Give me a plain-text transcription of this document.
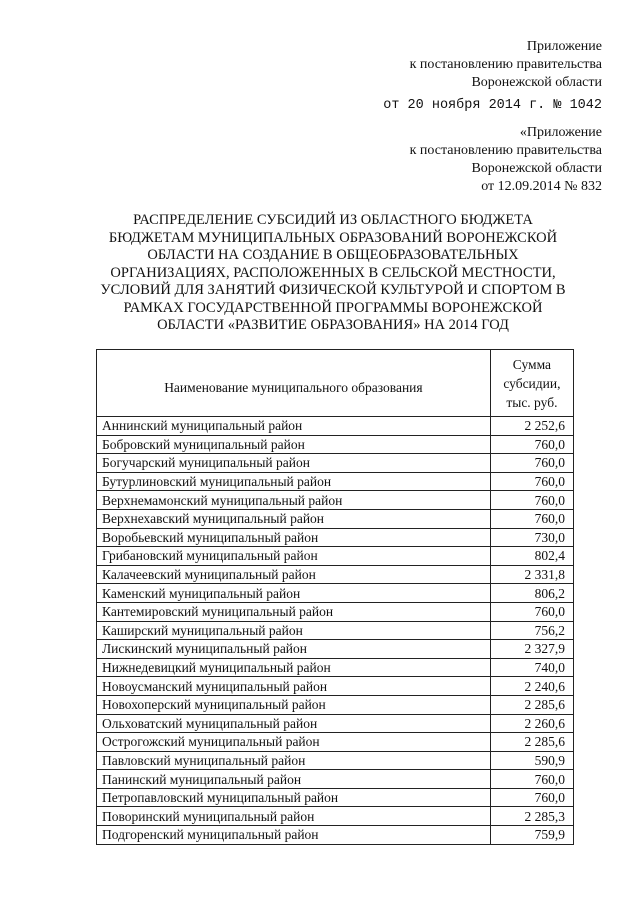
Приложение
к постановлению правительства
Воронежской области
от 20 ноября 2014 г. № 1042
«Приложение
к постановлению правительства
Воронежской области
от 12.09.2014 № 832
РАСПРЕДЕЛЕНИЕ СУБСИДИЙ ИЗ ОБЛАСТНОГО БЮДЖЕТА
БЮДЖЕТАМ МУНИЦИПАЛЬНЫХ ОБРАЗОВАНИЙ ВОРОНЕЖСКОЙ
ОБЛАСТИ НА СОЗДАНИЕ В ОБЩЕОБРАЗОВАТЕЛЬНЫХ
ОРГАНИЗАЦИЯХ, РАСПОЛОЖЕННЫХ В СЕЛЬСКОЙ МЕСТНОСТИ,
УСЛОВИЙ ДЛЯ ЗАНЯТИЙ ФИЗИЧЕСКОЙ КУЛЬТУРОЙ И СПОРТОМ В
РАМКАХ ГОСУДАРСТВЕННОЙ ПРОГРАММЫ ВОРОНЕЖСКОЙ
ОБЛАСТИ «РАЗВИТИЕ ОБРАЗОВАНИЯ» НА 2014 ГОД
Наименование муниципального образования	Сумма
субсидии,
тыс. руб.

Аннинский муниципальный район	2 252,6
Бобровский муниципальный район	760,0
Богучарский муниципальный район	760,0
Бутурлиновский муниципальный район	760,0
Верхнемамонский муниципальный район	760,0
Верхнехавский муниципальный район	760,0
Воробьевский муниципальный район	730,0
Грибановский муниципальный район	802,4
Калачеевский муниципальный район	2 331,8
Каменский муниципальный район	806,2
Кантемировский муниципальный район	760,0
Каширский муниципальный район	756,2
Лискинский муниципальный район	2 327,9
Нижнедевицкий муниципальный район	740,0
Новоусманский муниципальный район	2 240,6
Новохоперский муниципальный район	2 285,6
Ольховатский муниципальный район	2 260,6
Острогожский муниципальный район	2 285,6
Павловский муниципальный район	590,9
Панинский муниципальный район	760,0
Петропавловский муниципальный район	760,0
Поворинский муниципальный район	2 285,3
Подгоренский муниципальный район	759,9
